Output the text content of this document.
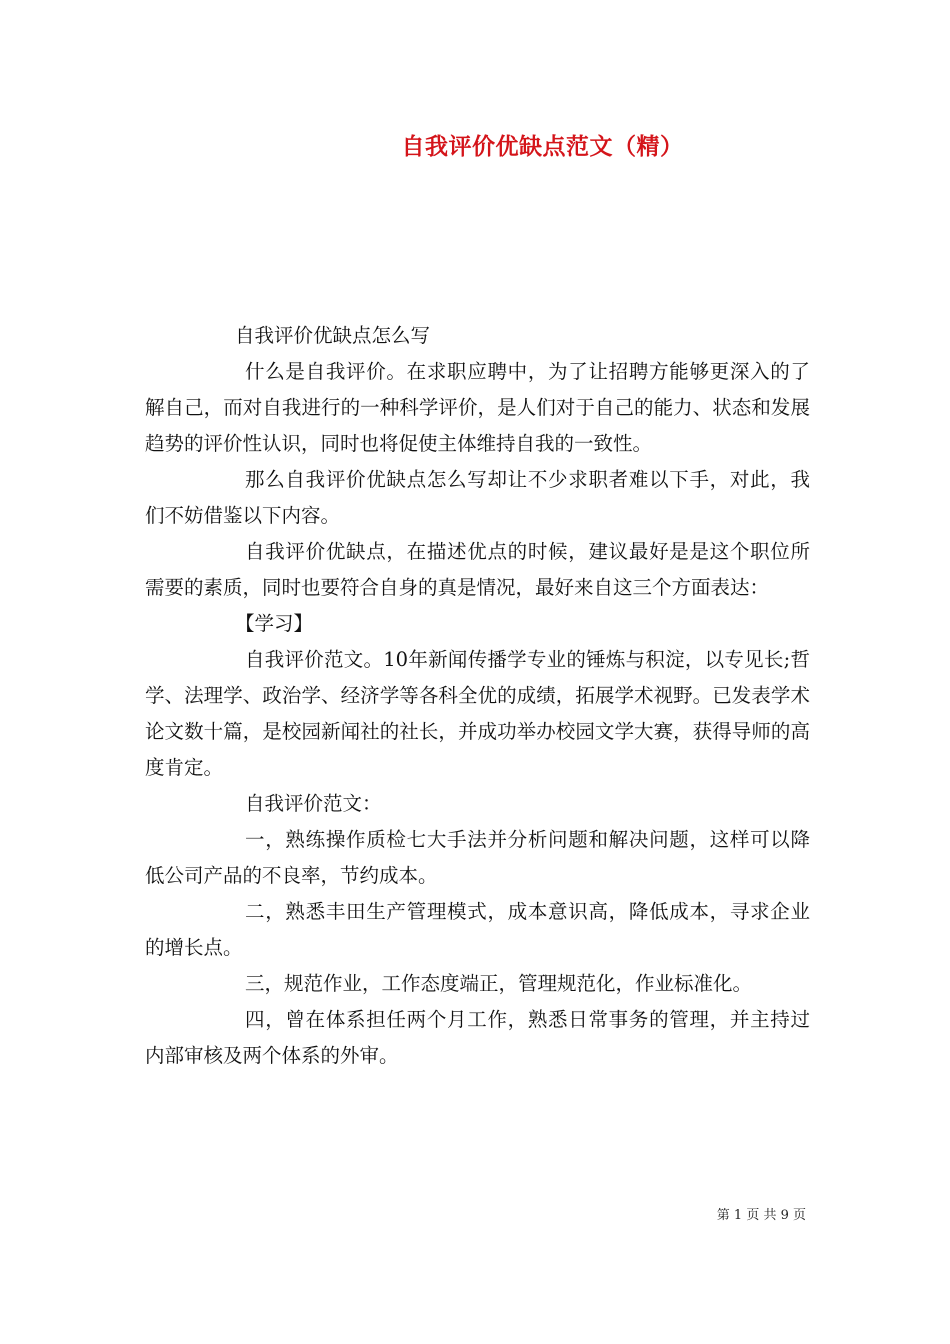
自我评价优缺点范文（精）

自我评价优缺点怎么写

什么是自我评价。在求职应聘中，为了让招聘方能够更深入的了解自己，而对自我进行的一种科学评价，是人们对于自己的能力、状态和发展趋势的评价性认识，同时也将促使主体维持自我的一致性。

那么自我评价优缺点怎么写却让不少求职者难以下手，对此，我们不妨借鉴以下内容。

自我评价优缺点，在描述优点的时候，建议最好是是这个职位所需要的素质，同时也要符合自身的真是情况，最好来自这三个方面表达：

【学习】

自我评价范文。10年新闻传播学专业的锤炼与积淀，以专见长;哲学、法理学、政治学、经济学等各科全优的成绩，拓展学术视野。已发表学术论文数十篇，是校园新闻社的社长，并成功举办校园文学大赛，获得导师的高度肯定。

自我评价范文：

一，熟练操作质检七大手法并分析问题和解决问题，这样可以降低公司产品的不良率，节约成本。

二，熟悉丰田生产管理模式，成本意识高，降低成本，寻求企业的增长点。

三，规范作业，工作态度端正，管理规范化，作业标准化。

四，曾在体系担任两个月工作，熟悉日常事务的管理，并主持过内部审核及两个体系的外审。

第 1 页 共 9 页
